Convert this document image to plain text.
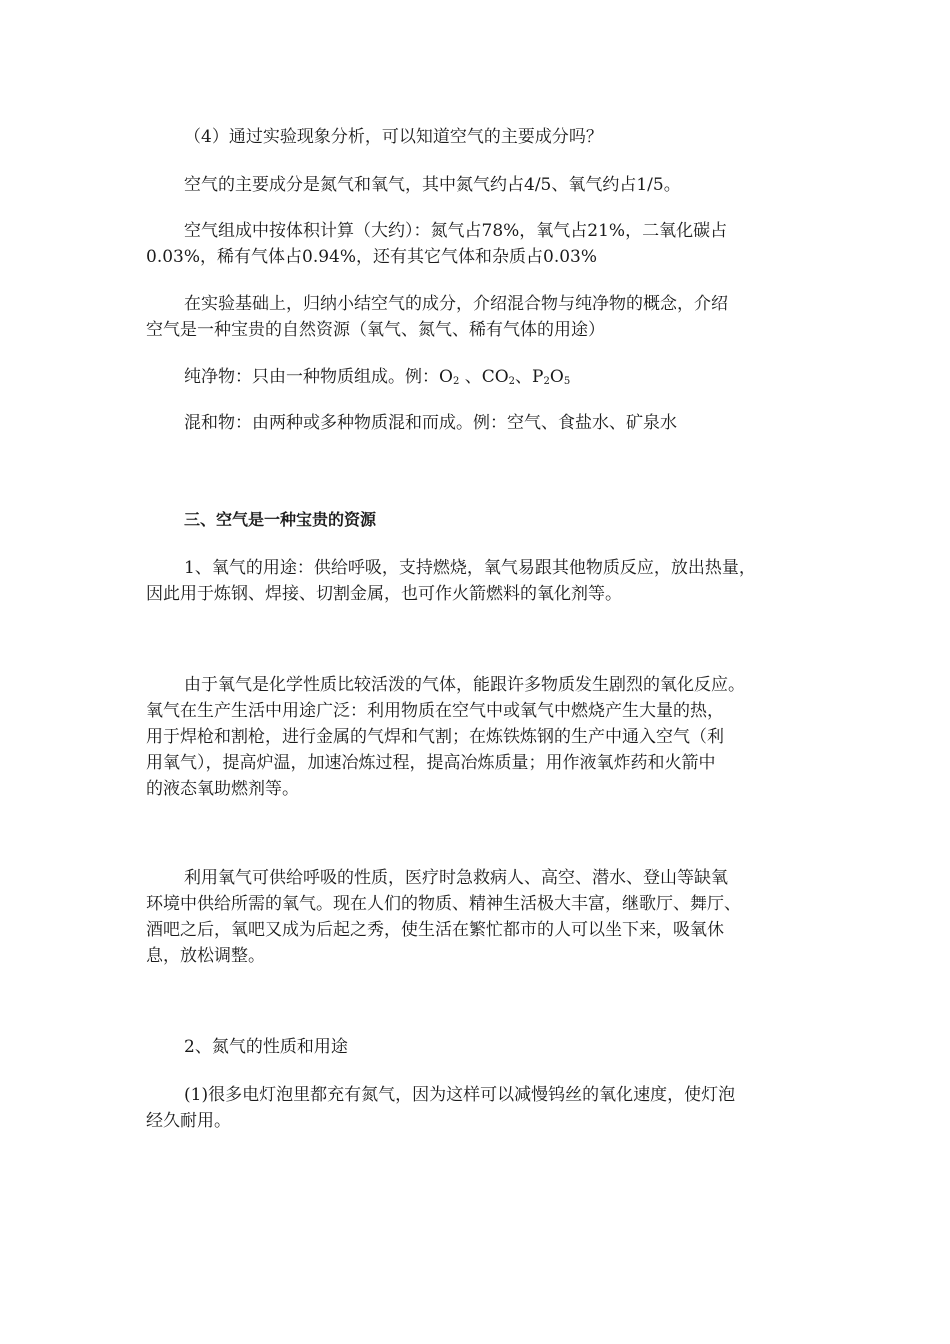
（4）通过实验现象分析，可以知道空气的主要成分吗？
空气的主要成分是氮气和氧气，其中氮气约占4/5、氧气约占1/5。
空气组成中按体积计算（大约）：氮气占78%，氧气占21%，二氧化碳占
0.03%，稀有气体占0.94%，还有其它气体和杂质占0.03%
在实验基础上，归纳小结空气的成分，介绍混合物与纯净物的概念，介绍
空气是一种宝贵的自然资源（氧气、氮气、稀有气体的用途）
纯净物：只由一种物质组成。例：$O_2$ 、$CO_2$、$P_2O_5$
混和物：由两种或多种物质混和而成。例：空气、食盐水、矿泉水
三、空气是一种宝贵的资源
1、氧气的用途：供给呼吸，支持燃烧，氧气易跟其他物质反应，放出热量，
因此用于炼钢、焊接、切割金属，也可作火箭燃料的氧化剂等。
由于氧气是化学性质比较活泼的气体，能跟许多物质发生剧烈的氧化反应。
氧气在生产生活中用途广泛：利用物质在空气中或氧气中燃烧产生大量的热，
用于焊枪和割枪，进行金属的气焊和气割；在炼铁炼钢的生产中通入空气（利
用氧气），提高炉温，加速冶炼过程，提高冶炼质量；用作液氧炸药和火箭中
的液态氧助燃剂等。
利用氧气可供给呼吸的性质，医疗时急救病人、高空、潜水、登山等缺氧
环境中供给所需的氧气。现在人们的物质、精神生活极大丰富，继歌厅、舞厅、
酒吧之后，氧吧又成为后起之秀，使生活在繁忙都市的人可以坐下来，吸氧休
息，放松调整。
2、氮气的性质和用途
(1)很多电灯泡里都充有氮气，因为这样可以减慢钨丝的氧化速度，使灯泡
经久耐用。
